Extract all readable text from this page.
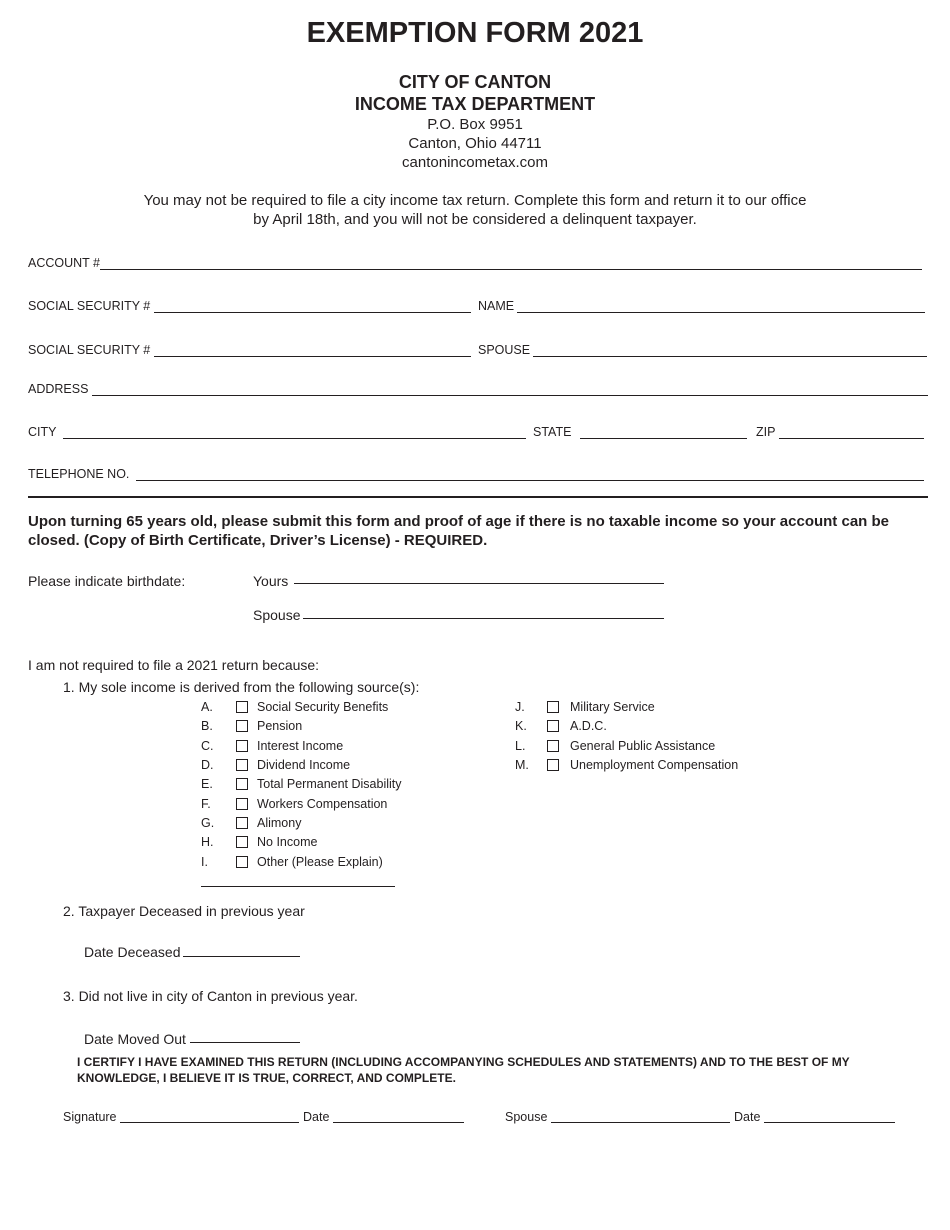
EXEMPTION FORM 2021
CITY OF CANTON
INCOME TAX DEPARTMENT
P.O. Box 9951
Canton, Ohio 44711
cantonincometax.com
You may not be required to file a city income tax return. Complete this form and return it to our office
by April 18th, and you will not be considered a delinquent taxpayer.
ACCOUNT #
SOCIAL SECURITY #	NAME
SOCIAL SECURITY #	SPOUSE
ADDRESS
CITY	STATE	ZIP
TELEPHONE NO.
Upon turning 65 years old, please submit this form and proof of age if there is no taxable income so your account can be closed. (Copy of Birth Certificate, Driver’s License) - REQUIRED.
Please indicate birthdate:	Yours
Spouse
I am not required to file a 2021 return because:
1. My sole income is derived from the following source(s):
A.	Social Security Benefits
B.	Pension
C.	Interest Income
D.	Dividend Income
E.	Total Permanent Disability
F.	Workers Compensation
G.	Alimony
H.	No Income
I.	Other (Please Explain)
J.	Military Service
K.	A.D.C.
L.	General Public Assistance
M.	Unemployment Compensation
2. Taxpayer Deceased in previous year
Date Deceased
3. Did not live in city of Canton in previous year.
Date Moved Out
I CERTIFY I HAVE EXAMINED THIS RETURN (INCLUDING ACCOMPANYING SCHEDULES AND STATEMENTS) AND TO THE BEST OF MY KNOWLEDGE, I BELIEVE IT IS TRUE, CORRECT, AND COMPLETE.
Signature	Date	Spouse	Date
